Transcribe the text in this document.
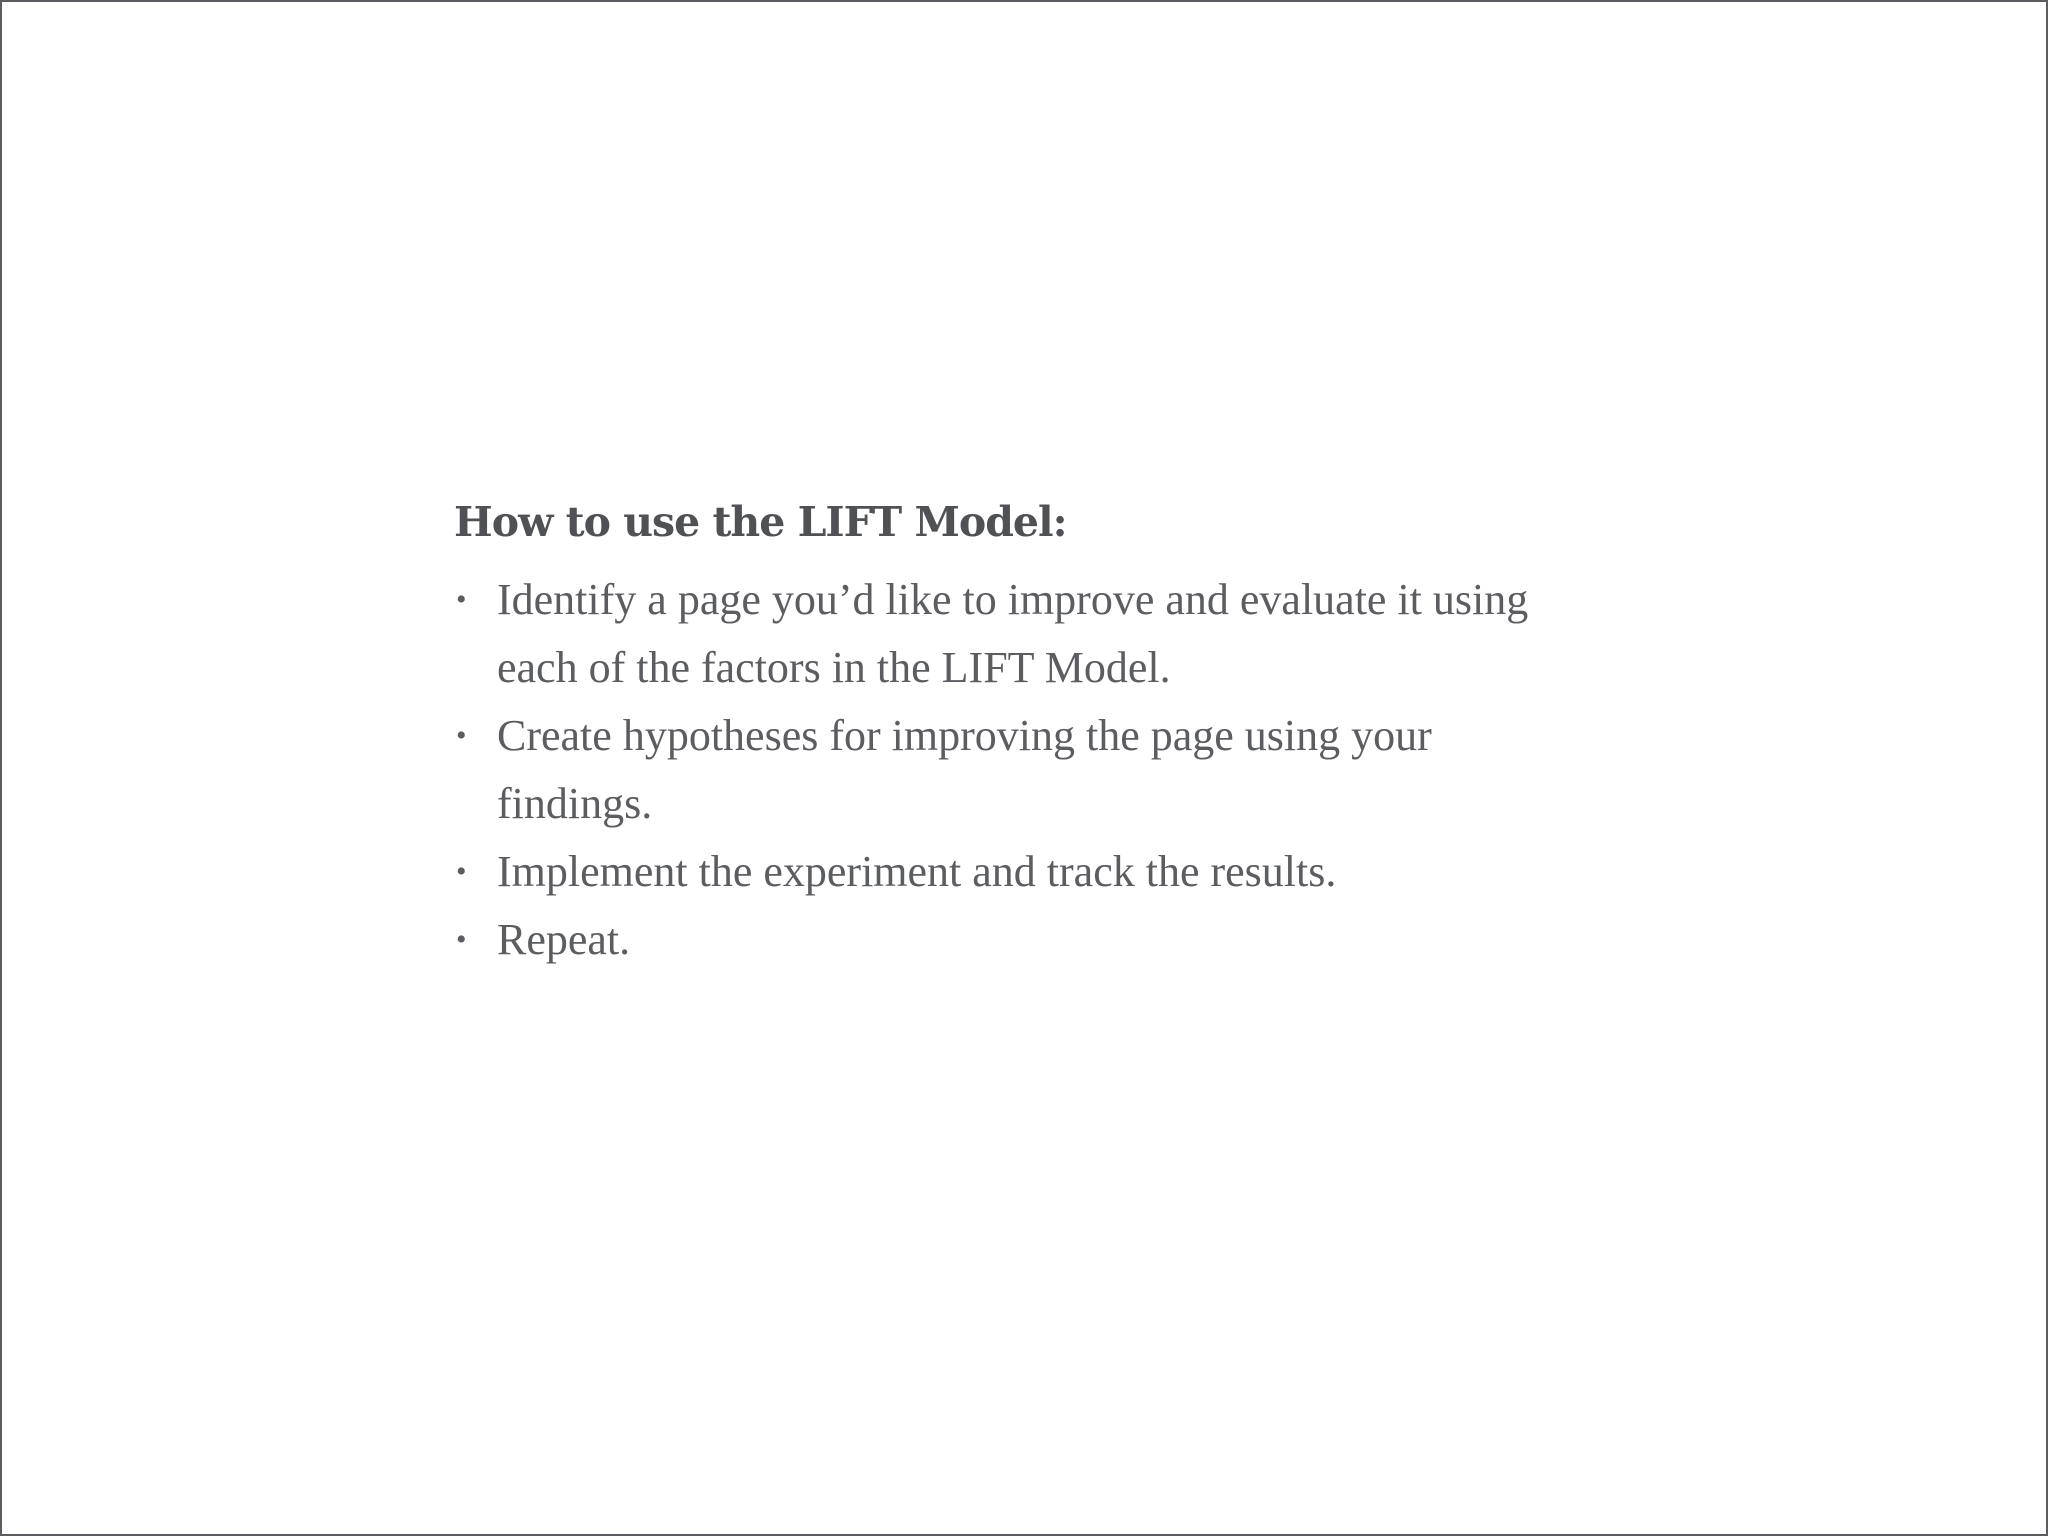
How to use the LIFT Model:
• Identify a page you’d like to improve and evaluate it using each of the factors in the LIFT Model.
• Create hypotheses for improving the page using your findings.
• Implement the experiment and track the results.
• Repeat.
